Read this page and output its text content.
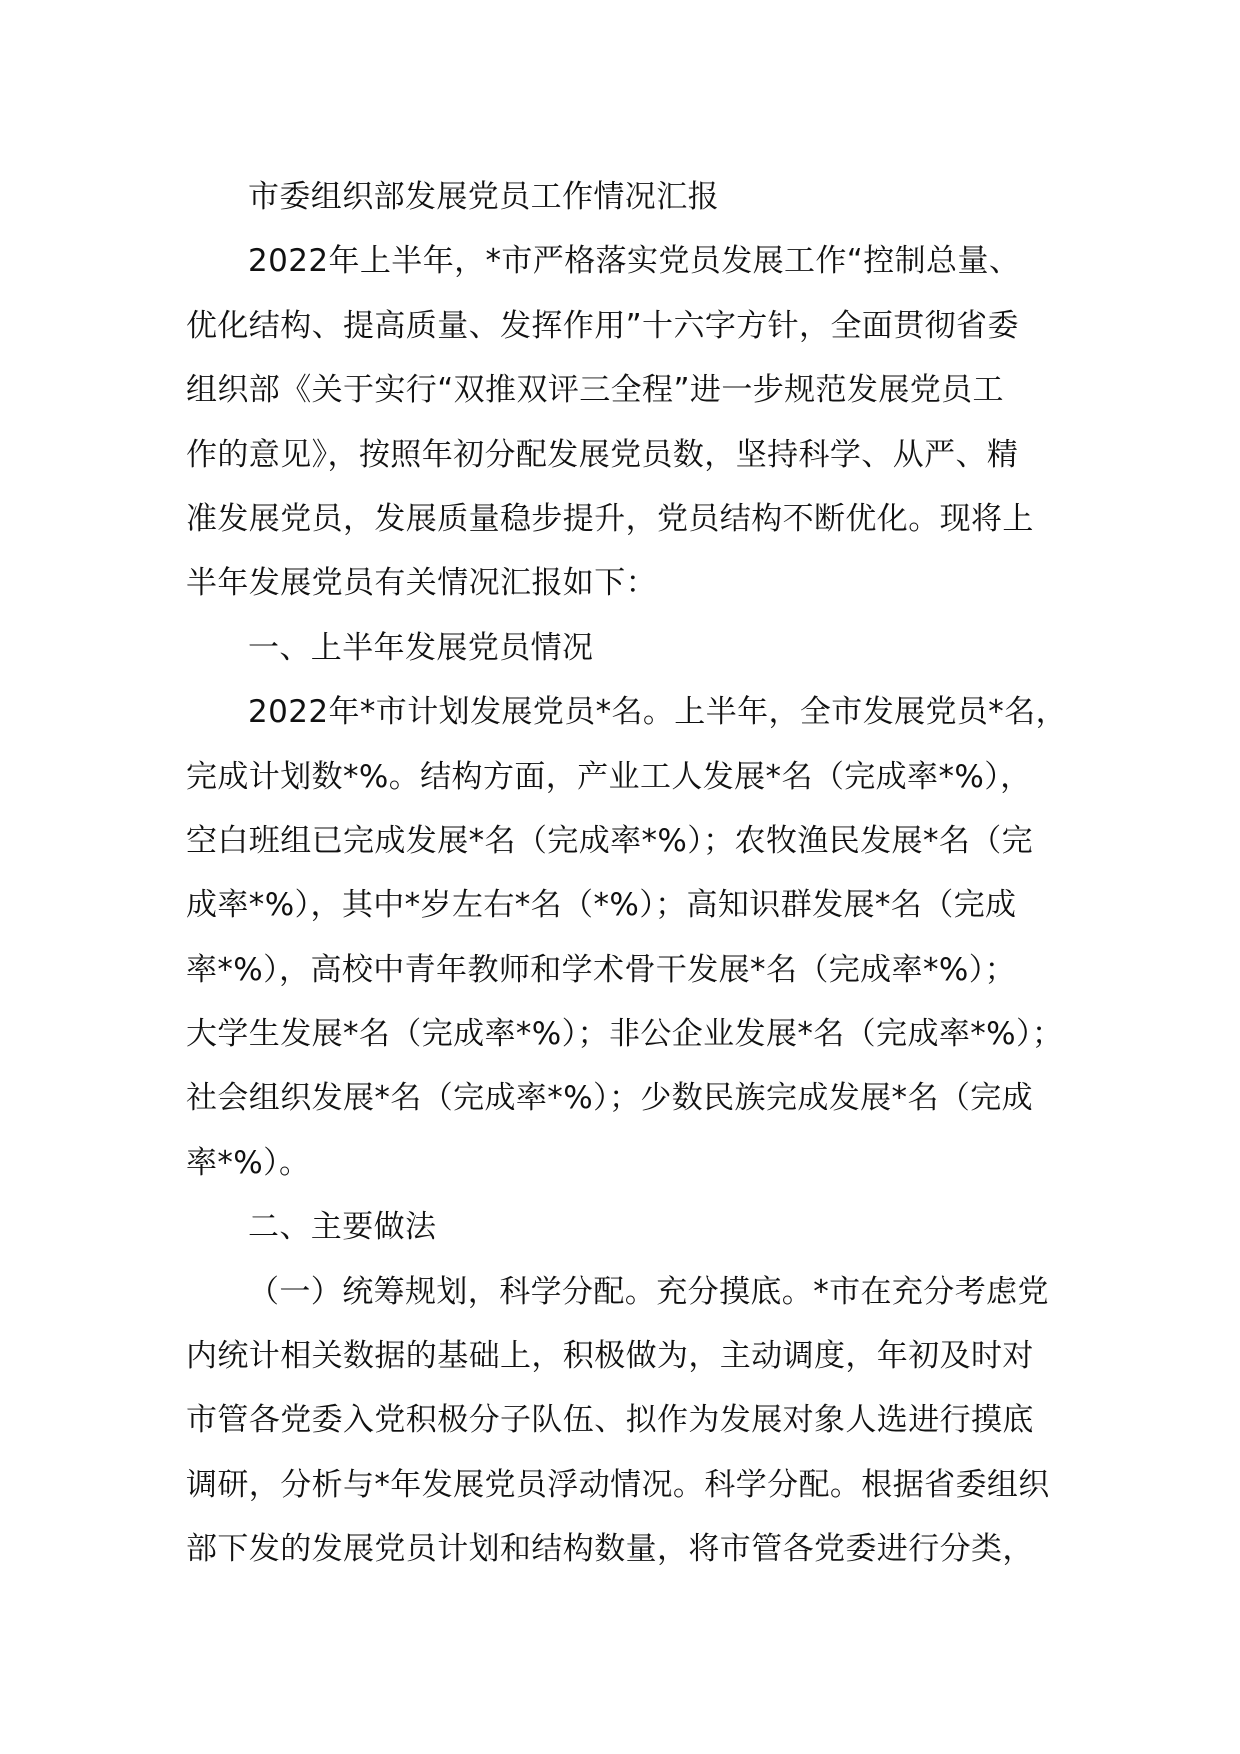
市委组织部发展党员工作情况汇报
2022年上半年，*市严格落实党员发展工作“控制总量、
优化结构、提高质量、发挥作用”十六字方针，全面贯彻省委
组织部《关于实行“双推双评三全程”进一步规范发展党员工
作的意见》，按照年初分配发展党员数，坚持科学、从严、精
准发展党员，发展质量稳步提升，党员结构不断优化。现将上
半年发展党员有关情况汇报如下：
一、上半年发展党员情况
2022年*市计划发展党员*名。上半年，全市发展党员*名，
完成计划数*%。结构方面，产业工人发展*名（完成率*%），
空白班组已完成发展*名（完成率*%）；农牧渔民发展*名（完
成率*%），其中*岁左右*名（*%）；高知识群发展*名（完成
率*%），高校中青年教师和学术骨干发展*名（完成率*%）；
大学生发展*名（完成率*%）；非公企业发展*名（完成率*%）；
社会组织发展*名（完成率*%）；少数民族完成发展*名（完成
率*%）。
二、主要做法
（一）统筹规划，科学分配。充分摸底。*市在充分考虑党
内统计相关数据的基础上，积极做为，主动调度，年初及时对
市管各党委入党积极分子队伍、拟作为发展对象人选进行摸底
调研，分析与*年发展党员浮动情况。科学分配。根据省委组织
部下发的发展党员计划和结构数量，将市管各党委进行分类，
